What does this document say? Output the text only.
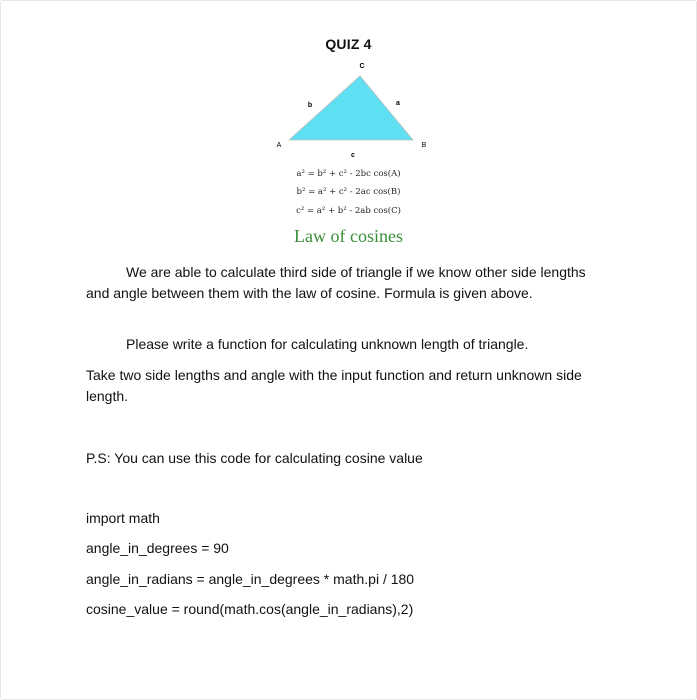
QUIZ 4
C
b	a
A	B
c
a² = b² + c² - 2bc cos(A)
b² = a² + c² - 2ac cos(B)
c² = a² + b² - 2ab cos(C)
Law of cosines
We are able to calculate third side of triangle if we know other side lengths and angle between them with the law of cosine. Formula is given above.
Please write a function for calculating unknown length of triangle.
Take two side lengths and angle with the input function and return unknown side length.
P.S: You can use this code for calculating cosine value
import math
angle_in_degrees = 90
angle_in_radians = angle_in_degrees * math.pi / 180
cosine_value = round(math.cos(angle_in_radians),2)
